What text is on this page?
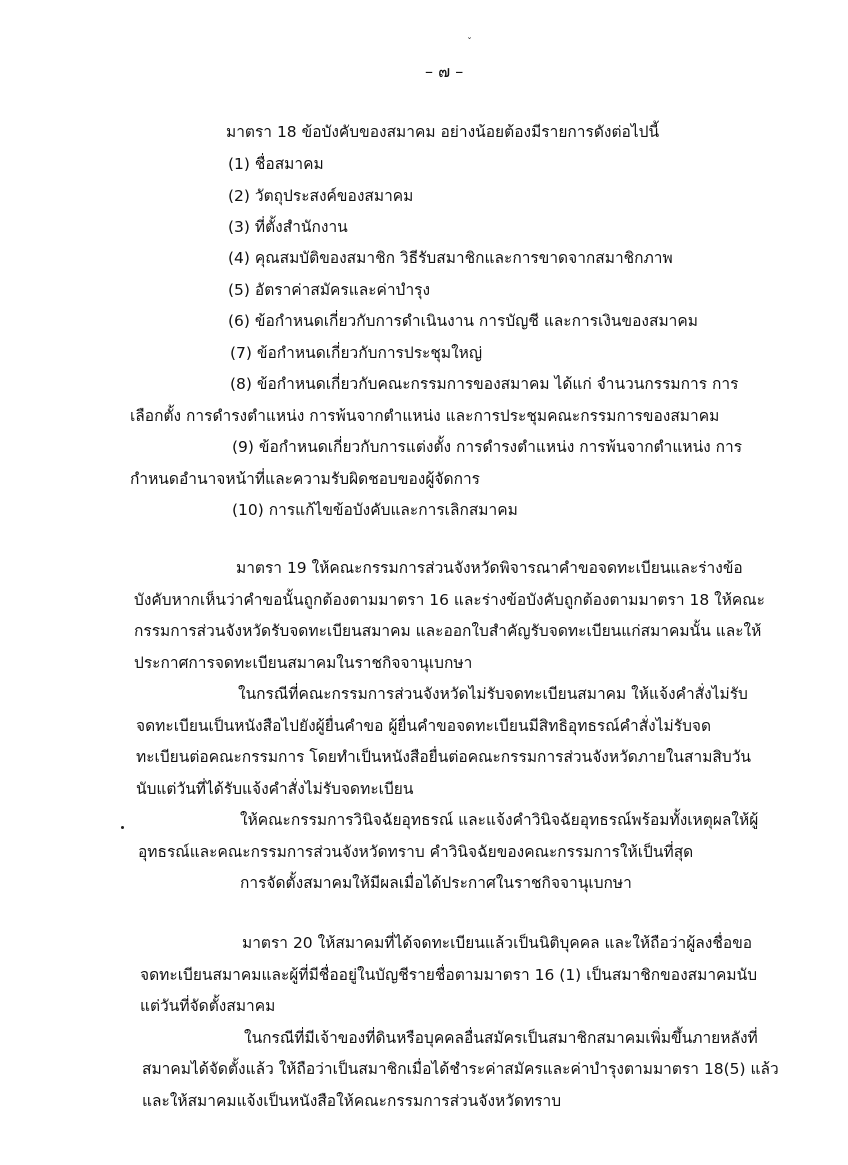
ˇ
– ๗ –
มาตรา 18 ข้อบังคับของสมาคม อย่างน้อยต้องมีรายการดังต่อไปนี้
(1) ชื่อสมาคม
(2) วัตถุประสงค์ของสมาคม
(3) ที่ตั้งสำนักงาน
(4) คุณสมบัติของสมาชิก วิธีรับสมาชิกและการขาดจากสมาชิกภาพ
(5) อัตราค่าสมัครและค่าบำรุง
(6) ข้อกำหนดเกี่ยวกับการดำเนินงาน การบัญชี และการเงินของสมาคม
(7) ข้อกำหนดเกี่ยวกับการประชุมใหญ่
(8) ข้อกำหนดเกี่ยวกับคณะกรรมการของสมาคม ได้แก่ จำนวนกรรมการ การ
เลือกตั้ง การดำรงตำแหน่ง การพ้นจากตำแหน่ง และการประชุมคณะกรรมการของสมาคม
(9) ข้อกำหนดเกี่ยวกับการแต่งตั้ง การดำรงตำแหน่ง การพ้นจากตำแหน่ง การ
กำหนดอำนาจหน้าที่และความรับผิดชอบของผู้จัดการ
(10) การแก้ไขข้อบังคับและการเลิกสมาคม
มาตรา 19 ให้คณะกรรมการส่วนจังหวัดพิจารณาคำขอจดทะเบียนและร่างข้อ
บังคับหากเห็นว่าคำขอนั้นถูกต้องตามมาตรา 16 และร่างข้อบังคับถูกต้องตามมาตรา 18 ให้คณะ
กรรมการส่วนจังหวัดรับจดทะเบียนสมาคม และออกใบสำคัญรับจดทะเบียนแก่สมาคมนั้น และให้
ประกาศการจดทะเบียนสมาคมในราชกิจจานุเบกษา
ในกรณีที่คณะกรรมการส่วนจังหวัดไม่รับจดทะเบียนสมาคม ให้แจ้งคำสั่งไม่รับ
จดทะเบียนเป็นหนังสือไปยังผู้ยื่นคำขอ ผู้ยื่นคำขอจดทะเบียนมีสิทธิอุทธรณ์คำสั่งไม่รับจด
ทะเบียนต่อคณะกรรมการ โดยทำเป็นหนังสือยื่นต่อคณะกรรมการส่วนจังหวัดภายในสามสิบวัน
นับแต่วันที่ได้รับแจ้งคำสั่งไม่รับจดทะเบียน
ให้คณะกรรมการวินิจฉัยอุทธรณ์ และแจ้งคำวินิจฉัยอุทธรณ์พร้อมทั้งเหตุผลให้ผู้
อุทธรณ์และคณะกรรมการส่วนจังหวัดทราบ คำวินิจฉัยของคณะกรรมการให้เป็นที่สุด
การจัดตั้งสมาคมให้มีผลเมื่อได้ประกาศในราชกิจจานุเบกษา
มาตรา 20 ให้สมาคมที่ได้จดทะเบียนแล้วเป็นนิติบุคคล และให้ถือว่าผู้ลงชื่อขอ
จดทะเบียนสมาคมและผู้ที่มีชื่ออยู่ในบัญชีรายชื่อตามมาตรา 16 (1) เป็นสมาชิกของสมาคมนับ
แต่วันที่จัดตั้งสมาคม
ในกรณีที่มีเจ้าของที่ดินหรือบุคคลอื่นสมัครเป็นสมาชิกสมาคมเพิ่มขึ้นภายหลังที่
สมาคมได้จัดตั้งแล้ว ให้ถือว่าเป็นสมาชิกเมื่อได้ชำระค่าสมัครและค่าบำรุงตามมาตรา 18(5) แล้ว
และให้สมาคมแจ้งเป็นหนังสือให้คณะกรรมการส่วนจังหวัดทราบ
